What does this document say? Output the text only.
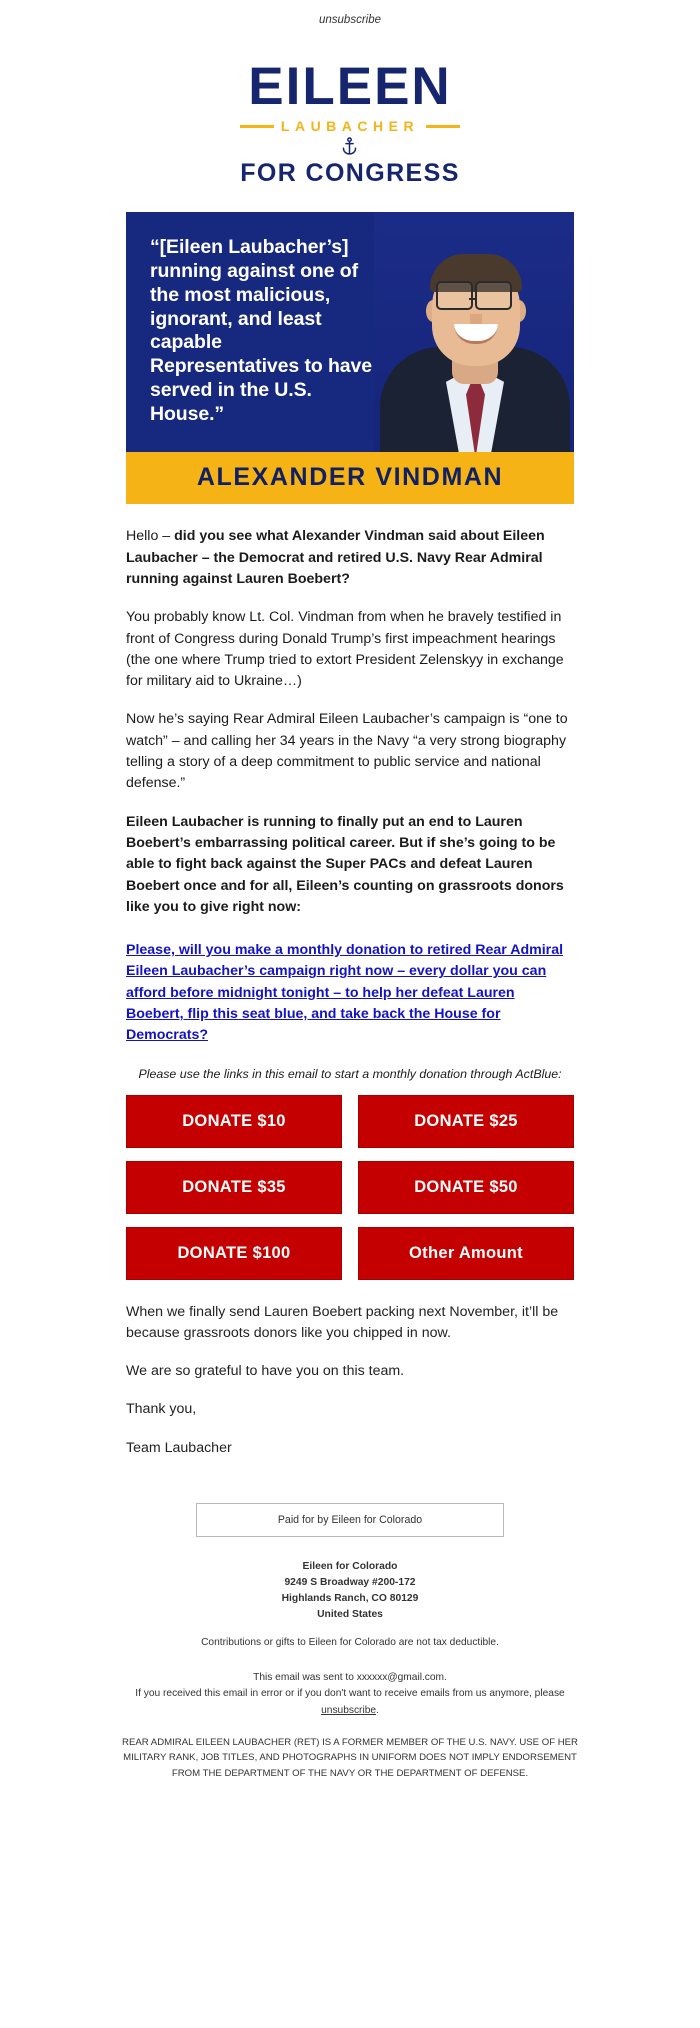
unsubscribe
EILEEN
LAUBACHER
FOR CONGRESS
“[Eileen Laubacher’s] running against one of the most malicious, ignorant, and least capable Representatives to have served in the U.S. House.”
ALEXANDER VINDMAN

Hello – did you see what Alexander Vindman said about Eileen Laubacher – the Democrat and retired U.S. Navy Rear Admiral running against Lauren Boebert?

You probably know Lt. Col. Vindman from when he bravely testified in front of Congress during Donald Trump’s first impeachment hearings (the one where Trump tried to extort President Zelenskyy in exchange for military aid to Ukraine…)

Now he’s saying Rear Admiral Eileen Laubacher’s campaign is “one to watch” – and calling her 34 years in the Navy “a very strong biography telling a story of a deep commitment to public service and national defense.”

Eileen Laubacher is running to finally put an end to Lauren Boebert’s embarrassing political career. But if she’s going to be able to fight back against the Super PACs and defeat Lauren Boebert once and for all, Eileen’s counting on grassroots donors like you to give right now:

Please, will you make a monthly donation to retired Rear Admiral Eileen Laubacher’s campaign right now – every dollar you can afford before midnight tonight – to help her defeat Lauren Boebert, flip this seat blue, and take back the House for Democrats?
Please use the links in this email to start a monthly donation through ActBlue:
DONATE $10	DONATE $25
DONATE $35	DONATE $50
DONATE $100	Other Amount

When we finally send Lauren Boebert packing next November, it’ll be because grassroots donors like you chipped in now.

We are so grateful to have you on this team.

Thank you,

Team Laubacher

Paid for by Eileen for Colorado
Eileen for Colorado
9249 S Broadway #200-172
Highlands Ranch, CO 80129
United States
Contributions or gifts to Eileen for Colorado are not tax deductible.
This email was sent to xxxxxx@gmail.com.
If you received this email in error or if you don't want to receive emails from us anymore, please unsubscribe.
REAR ADMIRAL EILEEN LAUBACHER (RET) IS A FORMER MEMBER OF THE U.S. NAVY. USE OF HER MILITARY RANK, JOB TITLES, AND PHOTOGRAPHS IN UNIFORM DOES NOT IMPLY ENDORSEMENT FROM THE DEPARTMENT OF THE NAVY OR THE DEPARTMENT OF DEFENSE.
